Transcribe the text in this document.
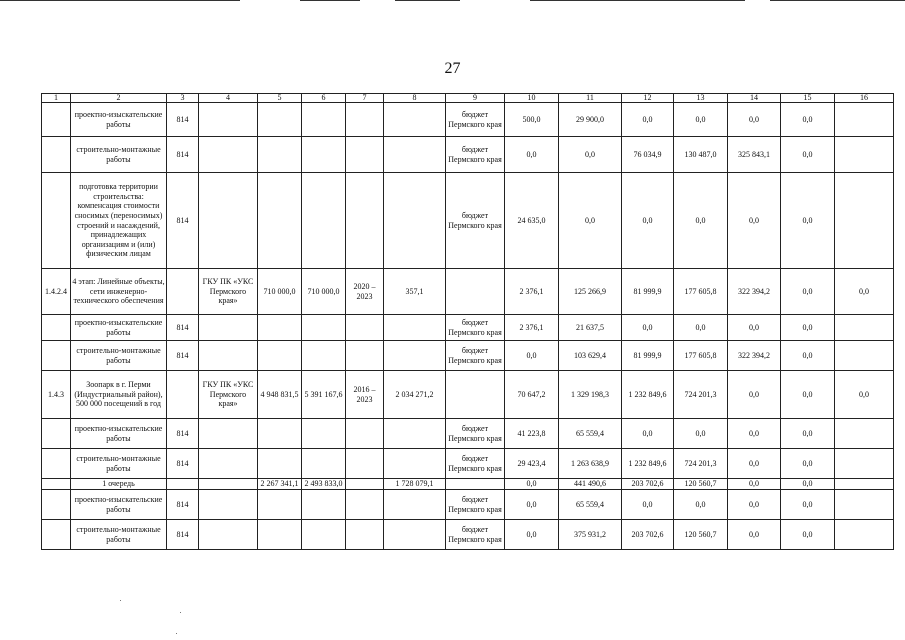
27
1	2	3	4	5	6	7	8	9	10	11	12	13	14	15	16
	проектно-изыскательские работы	814						бюджет Пермского края	500,0	29 900,0	0,0	0,0	0,0	0,0	
	строительно-монтажные работы	814						бюджет Пермского края	0,0	0,0	76 034,9	130 487,0	325 843,1	0,0	
	подготовка территории строительства: компенсация стоимости сносимых (переносимых) строений и насаждений, принадлежащих организациям и (или) физическим лицам	814						бюджет Пермского края	24 635,0	0,0	0,0	0,0	0,0	0,0	
1.4.2.4	4 этап: Линейные объекты, сети инженерно-технического обеспечения		ГКУ ПК «УКС Пермского края»	710 000,0	710 000,0	2020 – 2023	357,1		2 376,1	125 266,9	81 999,9	177 605,8	322 394,2	0,0	0,0
	проектно-изыскательские работы	814						бюджет Пермского края	2 376,1	21 637,5	0,0	0,0	0,0	0,0	
	строительно-монтажные работы	814						бюджет Пермского края	0,0	103 629,4	81 999,9	177 605,8	322 394,2	0,0	
1.4.3	Зоопарк в г. Перми (Индустриальный район), 500 000 посещений в год		ГКУ ПК «УКС Пермского края»	4 948 831,5	5 391 167,6	2016 – 2023	2 034 271,2		70 647,2	1 329 198,3	1 232 849,6	724 201,3	0,0	0,0	0,0
	проектно-изыскательские работы	814						бюджет Пермского края	41 223,8	65 559,4	0,0	0,0	0,0	0,0	
	строительно-монтажные работы	814						бюджет Пермского края	29 423,4	1 263 638,9	1 232 849,6	724 201,3	0,0	0,0	
	1 очередь			2 267 341,1	2 493 833,0		1 728 079,1		0,0	441 490,6	203 702,6	120 560,7	0,0	0,0	
	проектно-изыскательские работы	814						бюджет Пермского края	0,0	65 559,4	0,0	0,0	0,0	0,0	
	строительно-монтажные работы	814						бюджет Пермского края	0,0	375 931,2	203 702,6	120 560,7	0,0	0,0	
